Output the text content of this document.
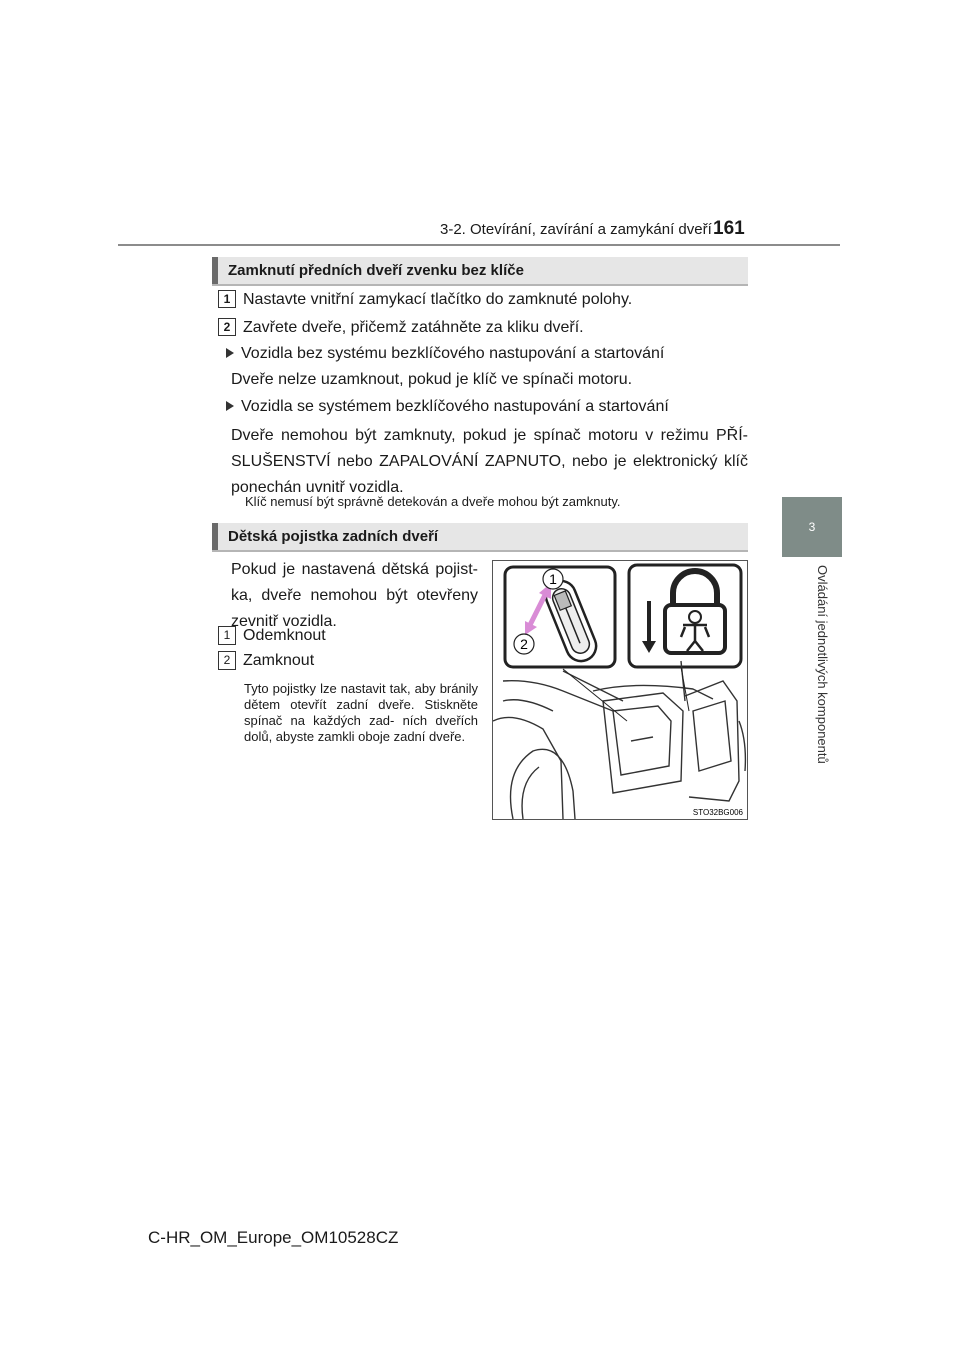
3-2. Otevírání, zavírání a zamykání dveří 161
3
Ovládání jednotlivých komponentů
Zamknutí předních dveří zvenku bez klíče
1 Nastavte vnitřní zamykací tlačítko do zamknuté polohy.
2 Zavřete dveře, přičemž zatáhněte za kliku dveří.
Vozidla bez systému bezklíčového nastupování a startování
Dveře nelze uzamknout, pokud je klíč ve spínači motoru.
Vozidla se systémem bezklíčového nastupování a startování
Dveře nemohou být zamknuty, pokud je spínač motoru v režimu PŘÍ- SLUŠENSTVÍ nebo ZAPALOVÁNÍ ZAPNUTO, nebo je elektronický klíč ponechán uvnitř vozidla.
Klíč nemusí být správně detekován a dveře mohou být zamknuty.
Dětská pojistka zadních dveří
Pokud je nastavená dětská pojist- ka, dveře nemohou být otevřeny zevnitř vozidla.
1 Odemknout
2 Zamknout
Tyto pojistky lze nastavit tak, aby bránily dětem otevřít zadní dveře. Stiskněte spínač na každých zad- ních dveřích dolů, abyste zamkli oboje zadní dveře.
1
2
STO32BG006
C-HR_OM_Europe_OM10528CZ
